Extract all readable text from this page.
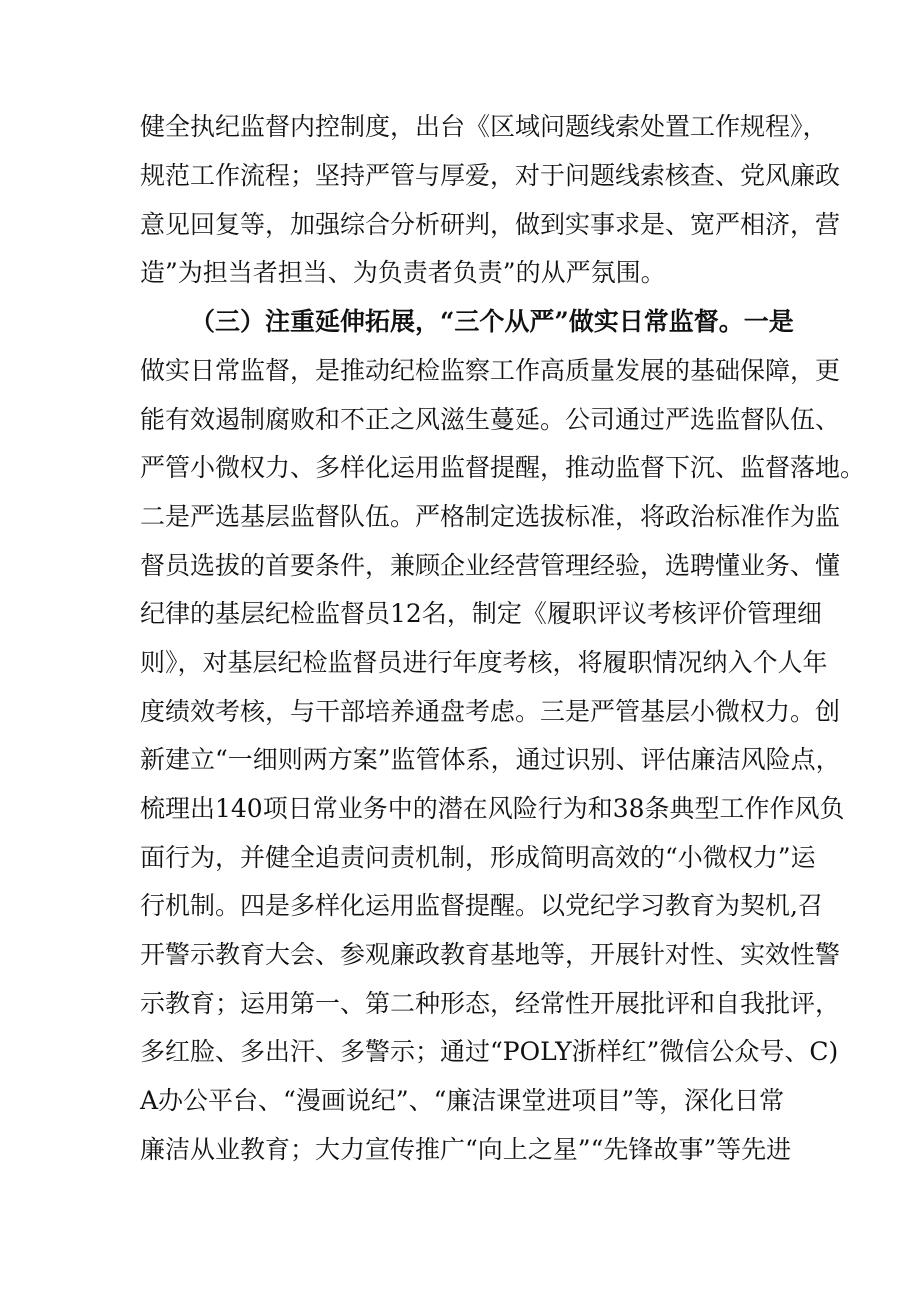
健全执纪监督内控制度，出台《区域问题线索处置工作规程》，
规范工作流程；坚持严管与厚爱，对于问题线索核查、党风廉政
意见回复等，加强综合分析研判，做到实事求是、宽严相济，营
造”为担当者担当、为负责者负责”的从严氛围。
（三）注重延伸拓展，“三个从严”做实日常监督。一是
做实日常监督，是推动纪检监察工作高质量发展的基础保障，更
能有效遏制腐败和不正之风滋生蔓延。公司通过严选监督队伍、
严管小微权力、多样化运用监督提醒，推动监督下沉、监督落地。
二是严选基层监督队伍。严格制定选拔标准，将政治标准作为监
督员选拔的首要条件，兼顾企业经营管理经验，选聘懂业务、懂
纪律的基层纪检监督员12名，制定《履职评议考核评价管理细
则》，对基层纪检监督员进行年度考核，将履职情况纳入个人年
度绩效考核，与干部培养通盘考虑。三是严管基层小微权力。创
新建立“一细则两方案”监管体系，通过识别、评估廉洁风险点，
梳理出140项日常业务中的潜在风险行为和38条典型工作作风负
面行为，并健全追责问责机制，形成简明高效的“小微权力”运
行机制。四是多样化运用监督提醒。以党纪学习教育为契机,召
开警示教育大会、参观廉政教育基地等，开展针对性、实效性警
示教育；运用第一、第二种形态，经常性开展批评和自我批评，
多红脸、多出汗、多警示；通过“POLY浙样红”微信公众号、C)
A办公平台、“漫画说纪”、“廉洁课堂进项目”等，深化日常
廉洁从业教育；大力宣传推广“向上之星”“先锋故事”等先进
